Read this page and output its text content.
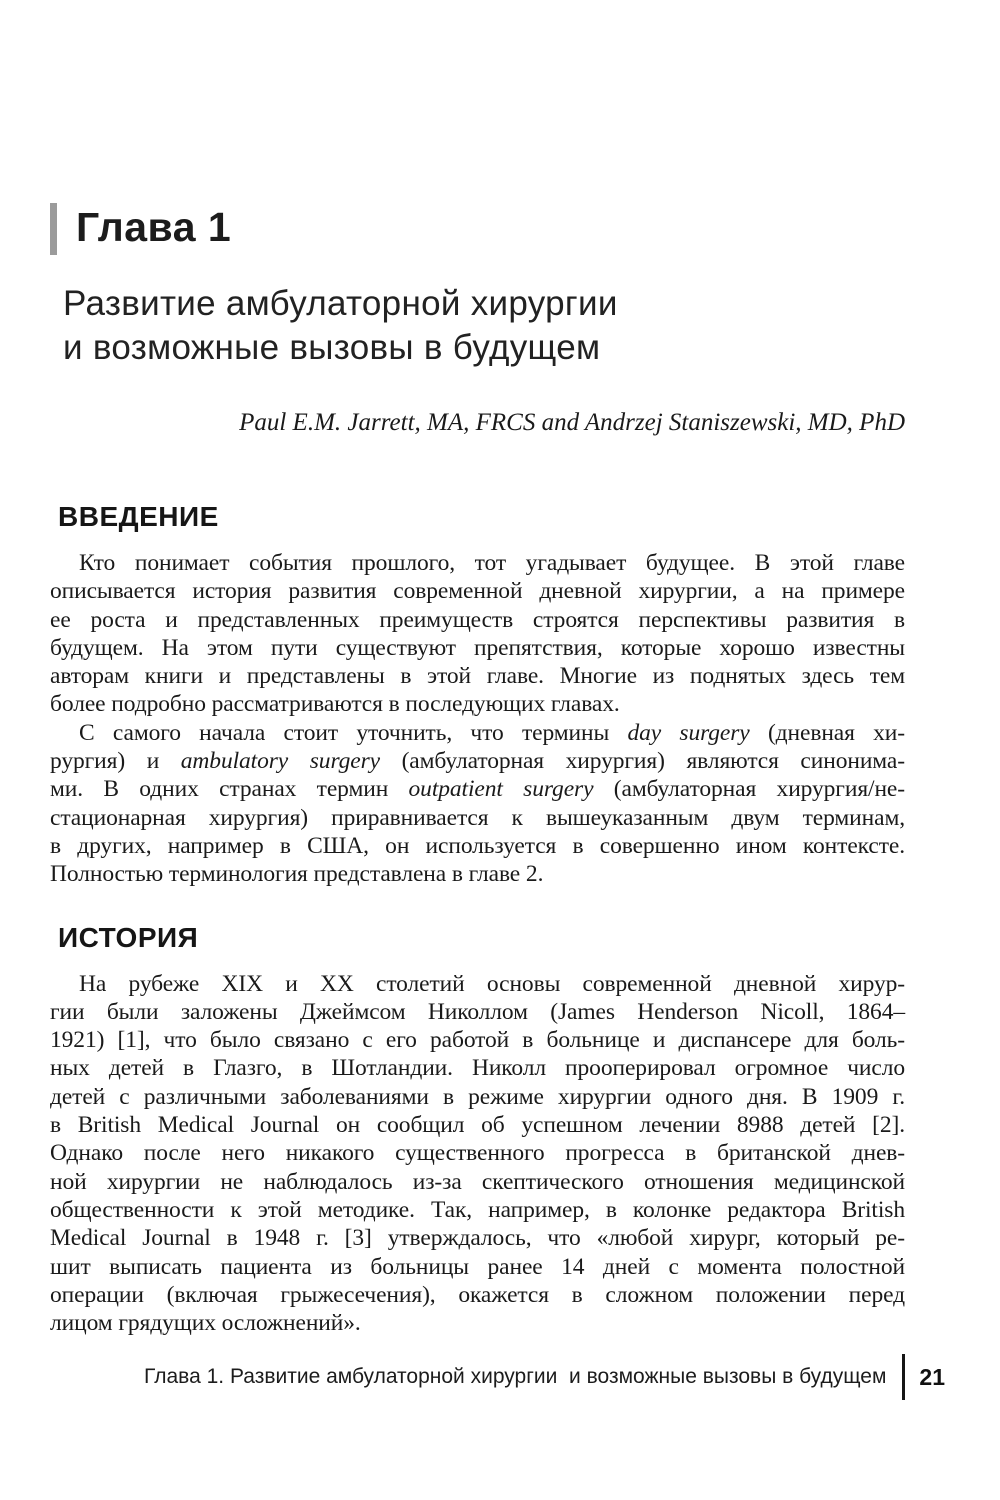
Глава 1
Развитие амбулаторной хирургии
и возможные вызовы в будущем
Paul E.M. Jarrett, MA, FRCS and Andrzej Staniszewski, MD, PhD
ВВЕДЕНИЕ
Кто понимает события прошлого, тот угадывает будущее. В этой главе
описывается история развития современной дневной хирургии, а на примере
ее роста и представленных преимуществ строятся перспективы развития в
будущем. На этом пути существуют препятствия, которые хорошо известны
авторам книги и представлены в этой главе. Многие из поднятых здесь тем
более подробно рассматриваются в последующих главах.
С самого начала стоит уточнить, что термины day surgery (дневная хи-
рургия) и ambulatory surgery (амбулаторная хирургия) являются синонима-
ми. В одних странах термин outpatient surgery (амбулаторная хирургия/не-
стационарная хирургия) приравнивается к вышеуказанным двум терминам,
в других, например в США, он используется в совершенно ином контексте.
Полностью терминология представлена в главе 2.
ИСТОРИЯ
На рубеже XIX и XX столетий основы современной дневной хирур-
гии были заложены Джеймсом Николлом (James Henderson Nicoll, 1864–
1921) [1], что было связано с его работой в больнице и диспансере для боль-
ных детей в Глазго, в Шотландии. Николл прооперировал огромное число
детей с различными заболеваниями в режиме хирургии одного дня. В 1909 г.
в British Medical Journal он сообщил об успешном лечении 8988 детей [2].
Однако после него никакого существенного прогресса в британской днев-
ной хирургии не наблюдалось из-за скептического отношения медицинской
общественности к этой методике. Так, например, в колонке редактора British
Medical Journal в 1948 г. [3] утверждалось, что «любой хирург, который ре-
шит выписать пациента из больницы ранее 14 дней с момента полостной
операции (включая грыжесечения), окажется в сложном положении перед
лицом грядущих осложнений».
Глава 1. Развитие амбулаторной хирургии  и возможные вызовы в будущем 21
